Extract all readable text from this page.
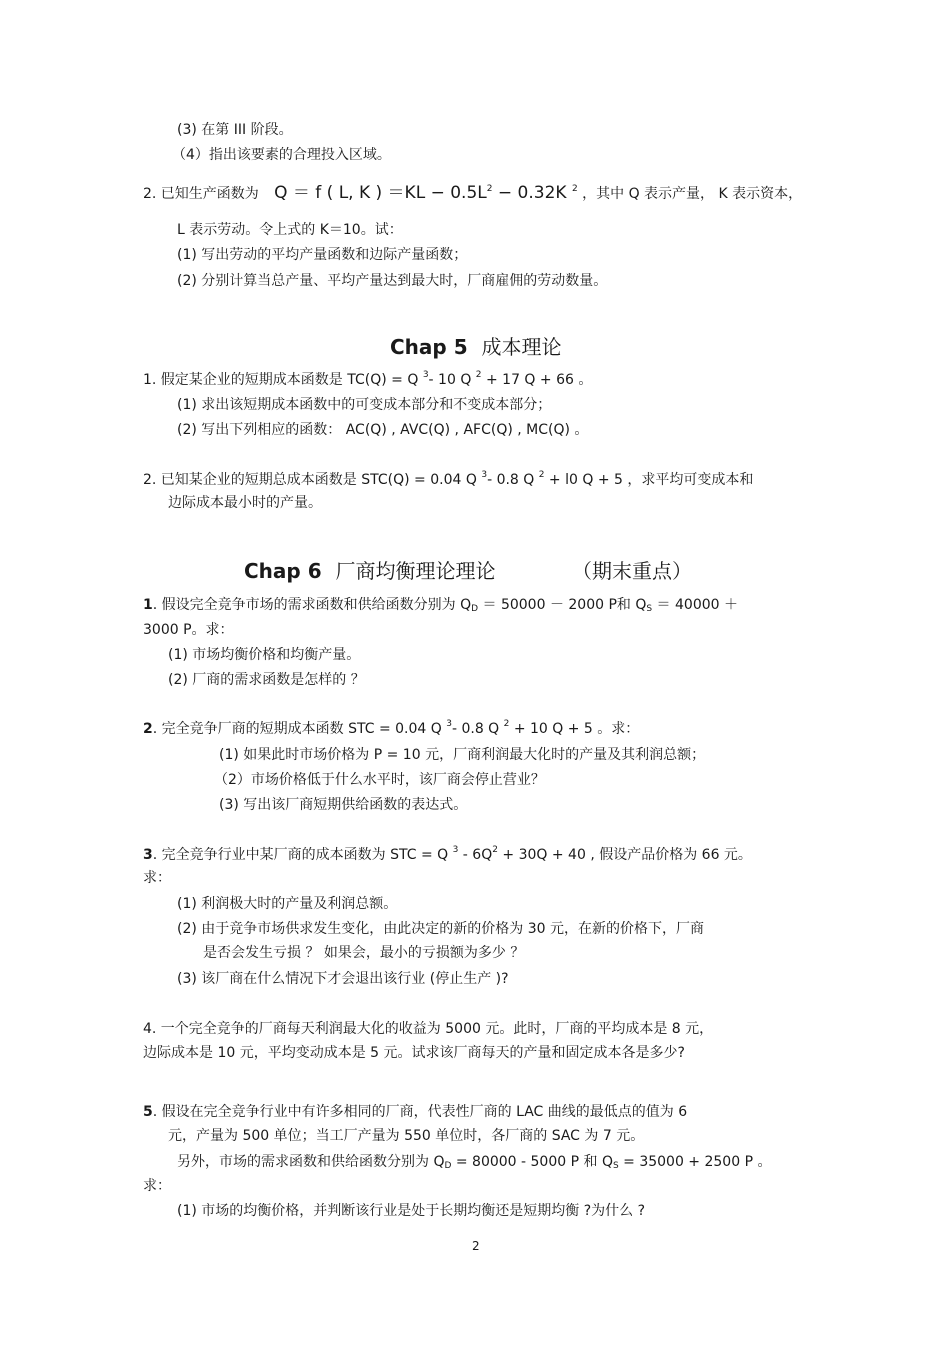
(3) 在第 III 阶段。
（4）指出该要素的合理投入区域。
2. 已知生产函数为 Q ＝ f ( L, K ) $=KL - 0.5L^2 - 0.32K$ $^2$ ，其中 Q 表示产量， K 表示资本，
L 表示劳动。令上式的 K＝10。试：
(1) 写出劳动的平均产量函数和边际产量函数；
(2) 分别计算当总产量、平均产量达到最大时，厂商雇佣的劳动数量。
Chap 5 成本理论
1. 假定某企业的短期成本函数是 TC(Q) = Q $^3$- 10 Q $^2$ + 17 Q + 66 。
(1) 求出该短期成本函数中的可变成本部分和不变成本部分；
(2) 写出下列相应的函数： AC(Q) , AVC(Q) , AFC(Q) , MC(Q) 。
2. 已知某企业的短期总成本函数是 STC(Q) = 0.04 Q $^3$- 0.8 Q $^2$ + l0 Q + 5 ，求平均可变成本和
边际成本最小时的产量。
Chap 6 厂商均衡理论理论	（期末重点）
1. 假设完全竞争市场的需求函数和供给函数分别为 $Q_D = 50000 - 2000$ P和 $Q_S = 40000$ ＋
3000 P。求：
(1) 市场均衡价格和均衡产量。
(2) 厂商的需求函数是怎样的 ？
2. 完全竞争厂商的短期成本函数 STC = 0.04 Q $^3$- 0.8 Q $^2$ + 10 Q + 5 。求：
(1) 如果此时市场价格为 P = 10 元，厂商利润最大化时的产量及其利润总额；
（2）市场价格低于什么水平时，该厂商会停止营业？
(3) 写出该厂商短期供给函数的表达式。
3. 完全竞争行业中某厂商的成本函数为 STC = Q $^3 - 6Q^2 + 30Q + 40$ , 假设产品价格为 66 元。
求：
(1) 利润极大时的产量及利润总额。
(2) 由于竞争市场供求发生变化，由此决定的新的价格为 30 元，在新的价格下，厂商
是否会发生亏损 ？ 如果会，最小的亏损额为多少 ？
(3) 该厂商在什么情况下才会退出该行业 (停止生产 )?
4. 一个完全竞争的厂商每天利润最大化的收益为 5000 元。此时，厂商的平均成本是 8 元，
边际成本是 10 元，平均变动成本是 5 元。试求该厂商每天的产量和固定成本各是多少?
5. 假设在完全竞争行业中有许多相同的厂商，代表性厂商的 LAC 曲线的最低点的值为 6
元，产量为 500 单位；当工厂产量为 550 单位时，各厂商的 SAC 为 7 元。
另外，市场的需求函数和供给函数分别为 $Q_D = 80000 - 5000$ P 和 $Q_S = 35000 + 2500$ P 。
求：
(1) 市场的均衡价格，并判断该行业是处于长期均衡还是短期均衡 ?为什么 ?
2
